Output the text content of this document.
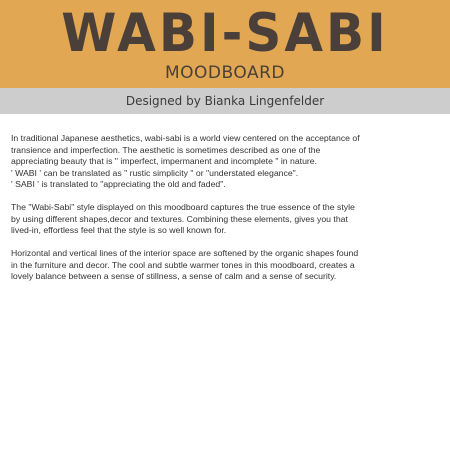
WABI-SABI
MOODBOARD
Designed by Bianka Lingenfelder

In traditional Japanese aesthetics, wabi-sabi is a world view centered on the acceptance of
transience and imperfection. The aesthetic is sometimes described as one of the
appreciating beauty that is " imperfect, impermanent and incomplete " in nature.
' WABI ' can be translated as " rustic simplicity " or "understated elegance".
' SABI ' is translated to "appreciating the old and faded".

The "Wabi-Sabi" style displayed on this moodboard captures the true essence of the style
by using different shapes,decor and textures. Combining these elements, gives you that
lived-in, effortless feel that the style is so well known for.

Horizontal and vertical lines of the interior space are softened by the organic shapes found
in the furniture and decor. The cool and subtle warmer tones in this moodboard, creates a
lovely balance between a sense of stillness, a sense of calm and a sense of security.
